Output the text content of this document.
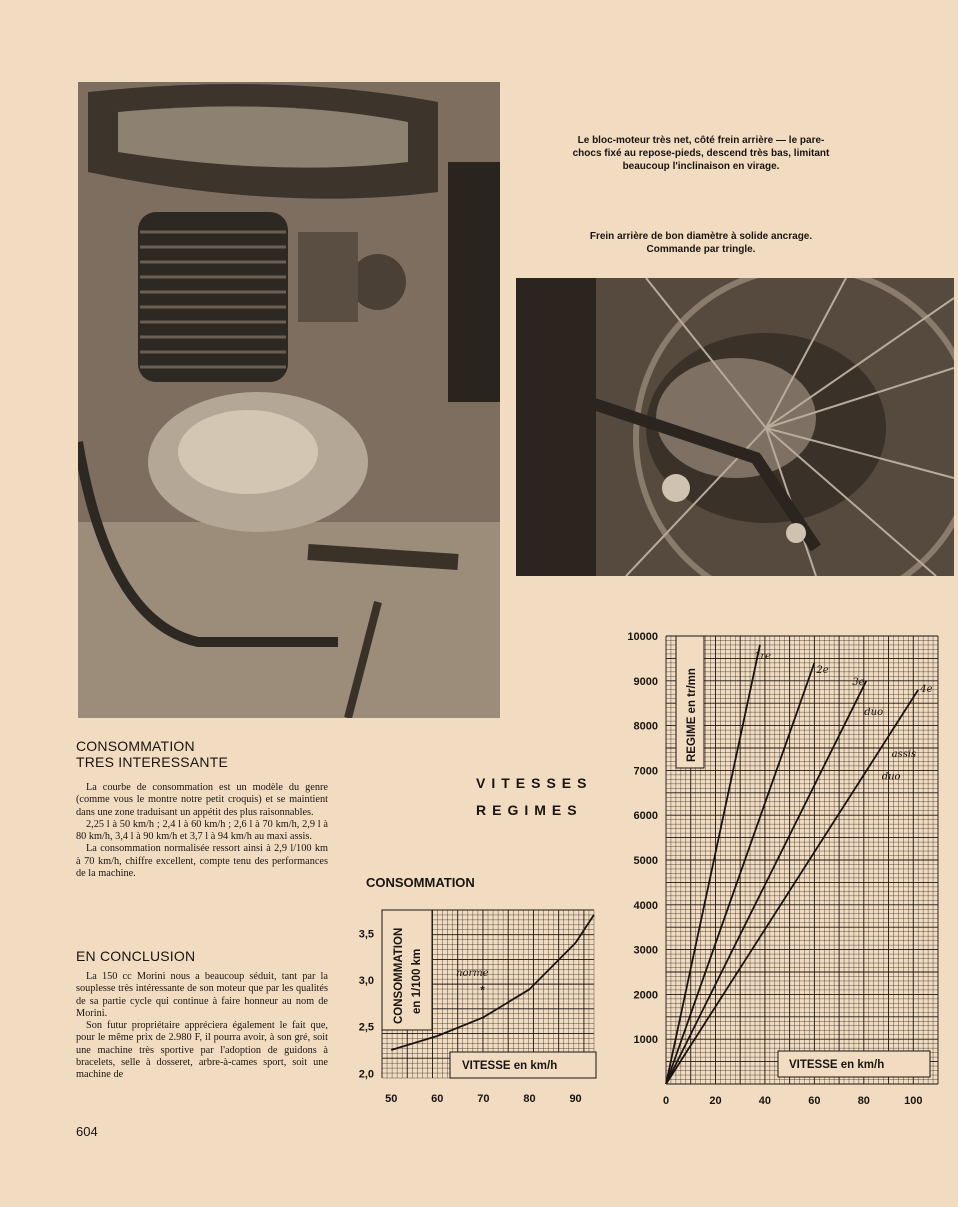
Le bloc-moteur très net, côté frein arrière — le pare-chocs fixé au repose-pieds, descend très bas, limitant beaucoup l'inclinaison en virage.
Frein arrière de bon diamètre à solide ancrage. Commande par tringle.
CONSOMMATION
TRES INTERESSANTE

La courbe de consommation est un modèle du genre (comme vous le montre notre petit croquis) et se maintient dans une zone traduisant un appétit des plus raisonnables.

2,25 l à 50 km/h ; 2,4 l à 60 km/h ; 2,6 l à 70 km/h, 2,9 l à 80 km/h, 3,4 l à 90 km/h et 3,7 l à 94 km/h au maxi assis.

La consommation normalisée ressort ainsi à 2,9 l/100 km à 70 km/h, chiffre excellent, compte tenu des performances de la machine.

EN CONCLUSION

La 150 cc Morini nous a beaucoup séduit, tant par la souplesse très intéressante de son moteur que par les qualités de sa partie cycle qui continue à faire honneur au nom de Morini.

Son futur propriétaire appréciera également le fait que, pour le même prix de 2.980 F, il pourra avoir, à son gré, soit une machine très sportive par l'adoption de guidons à bracelets, selle à dosseret, arbre-à-cames sport, soit une machine de

VITESSES
REGIMES
CONSOMMATION
50	60	70	80	90
2,0
2,5
3,0
3,5
*
CONSOMMATION en 1/100 km
VITESSE en km/h
norme
0	20	40	60	80	100
1000
2000
3000
4000
5000
6000
7000
8000
9000
10000
REGIME en tr/mn
VITESSE en km/h
1re
2e
3e
duo
4e
assis
duo
604
